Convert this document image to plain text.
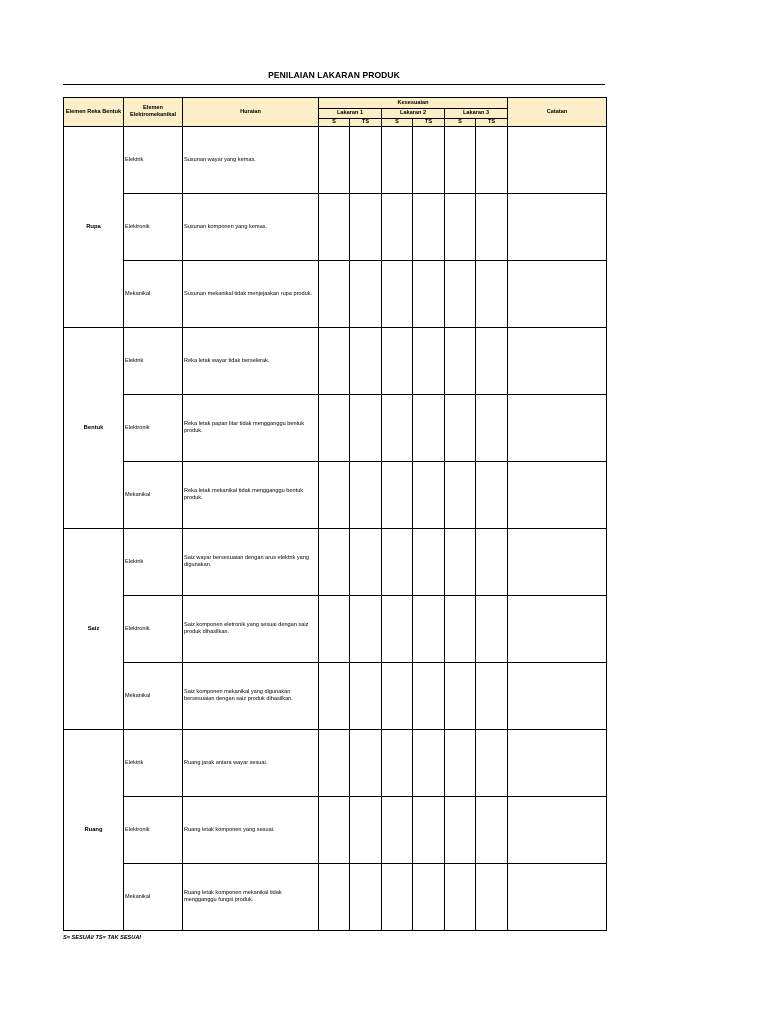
PENILAIAN LAKARAN PRODUK
Elemen Reka Bentuk	Elemen Elektromekanikal	Huraian	Kesesuaian						Catatan
			Lakaran 1		Lakaran 2		Lakaran 3		
			S	TS	S	TS	S	TS	
Rupa	Elektrik	Susunan wayar yang kemas.							
	Elektronik	Susunan komponen yang kemas.							
	Mekanikal	Susunan mekanikal tidak menjejaskan rupa produk.							
Bentuk	Elektrik	Reka letak wayar tidak berselerak.							
	Elektronik	Reka letak papan litar tidak mengganggu bentuk produk.							
	Mekanikal	Reka letak mekanikal tidak mengganggu bentuk produk.							
Saiz	Elektrik	Saiz wayar bersesuaian dengan arus elektrik yang digunakan.							
	Elektronik	Saiz komponen eletronik yang sesuai dengan saiz produk dihasilkan.							
	Mekanikal	Saiz komponen mekanikal yang digunakan bersesuaian dengan saiz produk dihasilkan.							
Ruang	Elektrik	Ruang jarak antara wayar sesuai.							
	Elektronik	Ruang letak komponen yang sesuai.							
	Mekanikal	Ruang letak komponen mekanikal tidak mengganggu fungsi produk.							
S= SESUAI/ TS= TAK SESUAI
